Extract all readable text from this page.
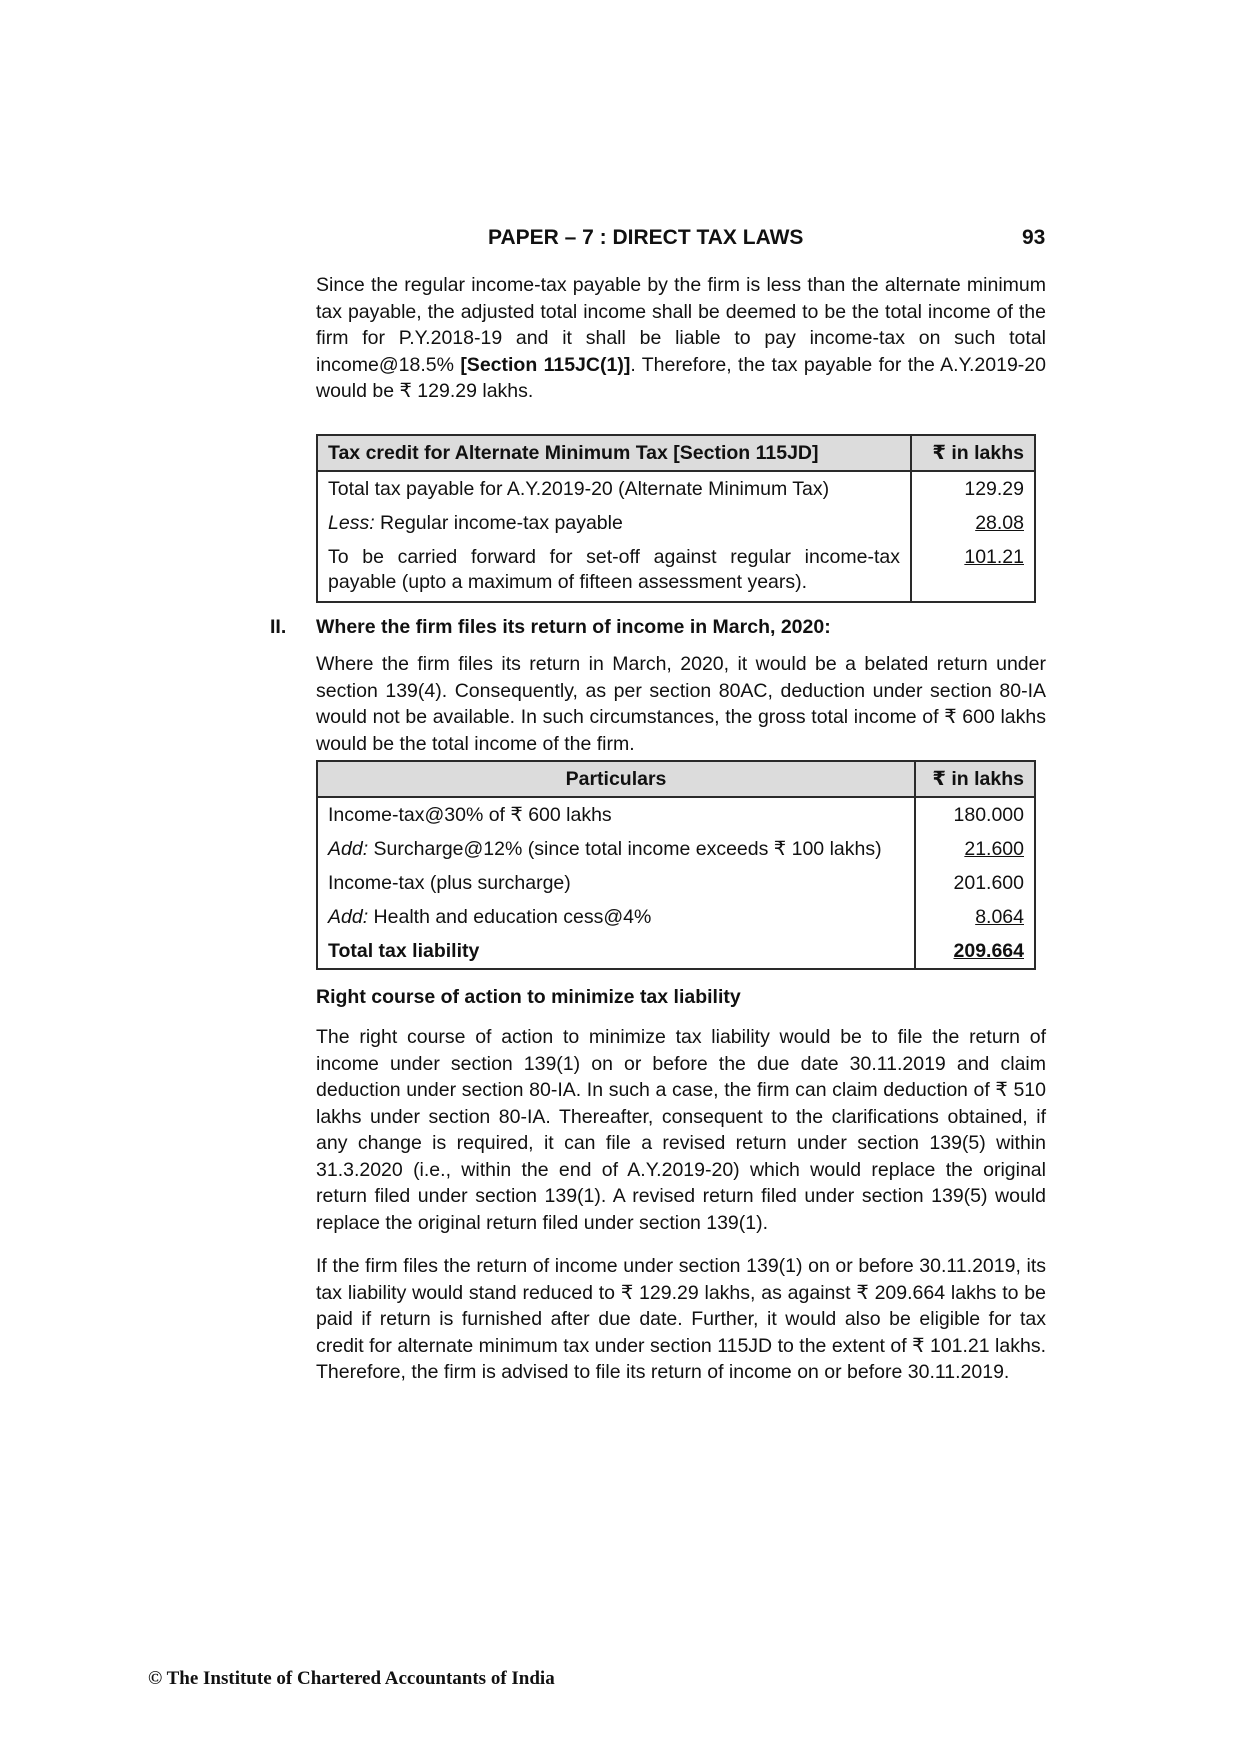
PAPER – 7 : DIRECT TAX LAWS	93

Since the regular income-tax payable by the firm is less than the alternate minimum tax payable, the adjusted total income shall be deemed to be the total income of the firm for P.Y.2018-19 and it shall be liable to pay income-tax on such total income@18.5% [Section 115JC(1)]. Therefore, the tax payable for the A.Y.2019-20 would be ₹ 129.29 lakhs.

Tax credit for Alternate Minimum Tax [Section 115JD]	₹ in lakhs
Total tax payable for A.Y.2019-20 (Alternate Minimum Tax)	129.29
Less: Regular income-tax payable	28.08
To be carried forward for set-off against regular income-tax payable (upto a maximum of fifteen assessment years).	101.21
II. Where the firm files its return of income in March, 2020:

Where the firm files its return in March, 2020, it would be a belated return under section 139(4). Consequently, as per section 80AC, deduction under section 80-IA would not be available. In such circumstances, the gross total income of ₹ 600 lakhs would be the total income of the firm.

Particulars	₹ in lakhs
Income-tax@30% of ₹ 600 lakhs	180.000
Add: Surcharge@12% (since total income exceeds ₹ 100 lakhs)	21.600
Income-tax (plus surcharge)	201.600
Add: Health and education cess@4%	8.064
Total tax liability	209.664
Right course of action to minimize tax liability

The right course of action to minimize tax liability would be to file the return of income under section 139(1) on or before the due date 30.11.2019 and claim deduction under section 80-IA. In such a case, the firm can claim deduction of ₹ 510 lakhs under section 80-IA. Thereafter, consequent to the clarifications obtained, if any change is required, it can file a revised return under section 139(5) within 31.3.2020 (i.e., within the end of A.Y.2019-20) which would replace the original return filed under section 139(1). A revised return filed under section 139(5) would replace the original return filed under section 139(1).

If the firm files the return of income under section 139(1) on or before 30.11.2019, its tax liability would stand reduced to ₹ 129.29 lakhs, as against ₹ 209.664 lakhs to be paid if return is furnished after due date. Further, it would also be eligible for tax credit for alternate minimum tax under section 115JD to the extent of ₹ 101.21 lakhs. Therefore, the firm is advised to file its return of income on or before 30.11.2019.

© The Institute of Chartered Accountants of India
